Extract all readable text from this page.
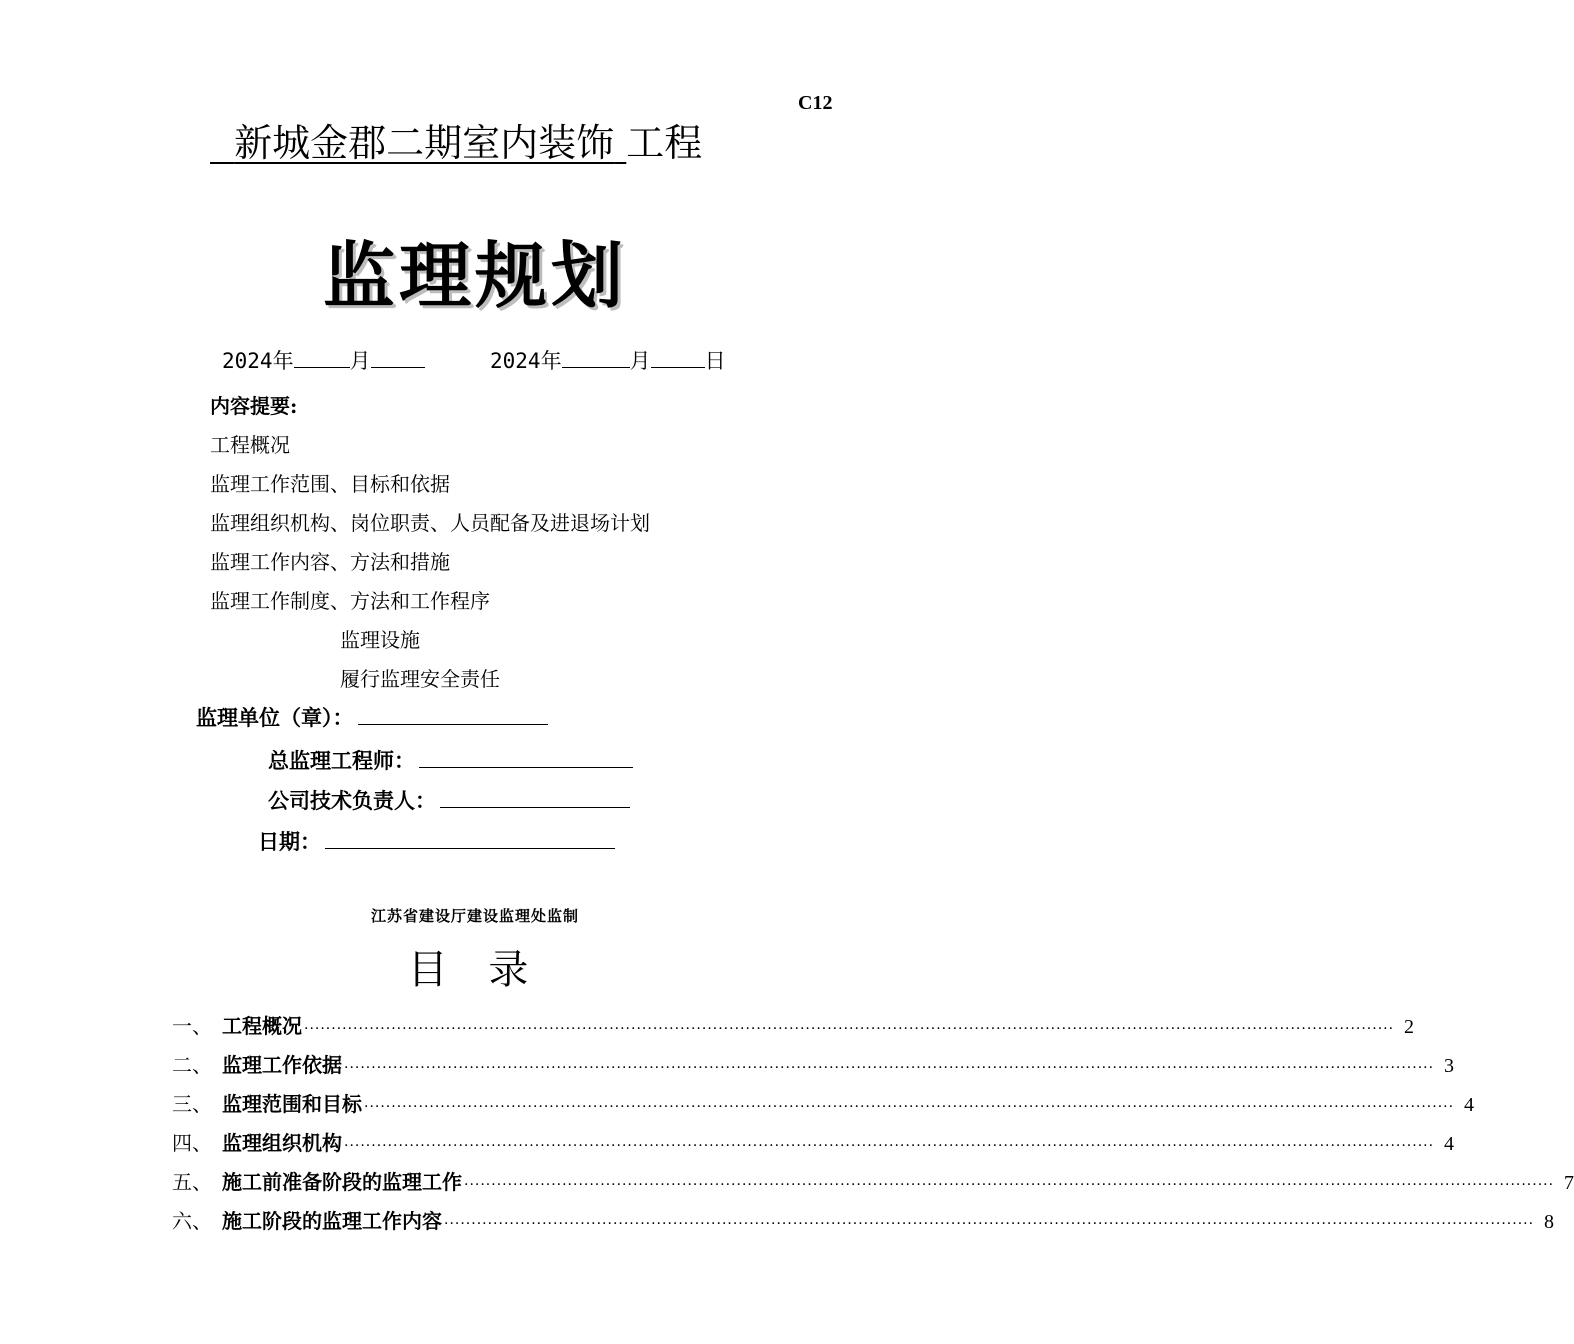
C12
新城金郡二期室内装饰 工程
监理规划
2024年	月	2024年	月	日
内容提要:
工程概况
监理工作范围、目标和依据
监理组织机构、岗位职责、人员配备及进退场计划
监理工作内容、方法和措施
监理工作制度、方法和工作程序
监理设施
履行监理安全责任
监理单位（章）：
总监理工程师：
公司技术负责人：
日期：
江苏省建设厅建设监理处监制
目 录
一、 工程概况 ········································································································································································································ 2
二、 监理工作依据 ········································································································································································································ 3
三、 监理范围和目标 ········································································································································································································ 4
四、 监理组织机构 ········································································································································································································ 4
五、 施工前准备阶段的监理工作 ········································································································································································································ 7
六、 施工阶段的监理工作内容 ········································································································································································································ 8
